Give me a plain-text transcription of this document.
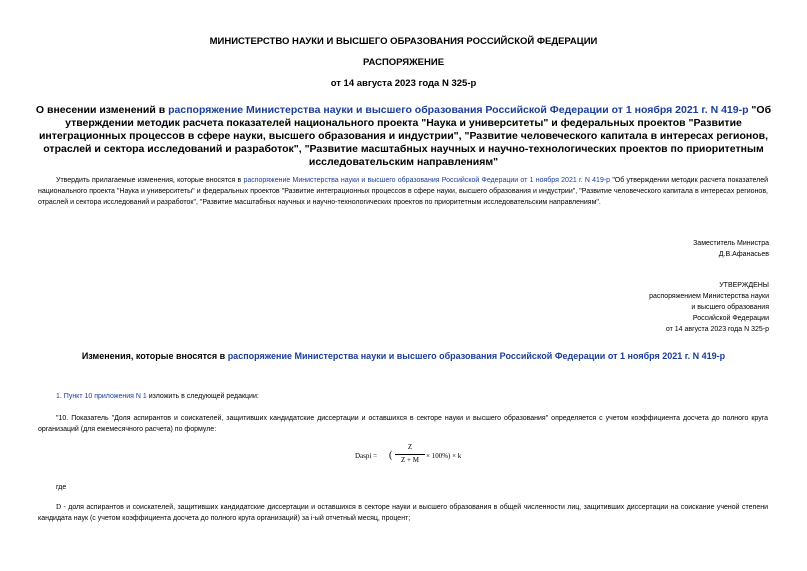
МИНИСТЕРСТВО НАУКИ И ВЫСШЕГО ОБРАЗОВАНИЯ РОССИЙСКОЙ ФЕДЕРАЦИИ
РАСПОРЯЖЕНИЕ
от 14 августа 2023 года N 325-р
О внесении изменений в распоряжение Министерства науки и высшего образования Российской Федерации от 1 ноября 2021 г. N 419-р "Об утверждении методик расчета показателей национального проекта "Наука и университеты" и федеральных проектов "Развитие интеграционных процессов в сфере науки, высшего образования и индустрии", "Развитие человеческого капитала в интересах регионов, отраслей и сектора исследований и разработок", "Развитие масштабных научных и научно-технологических проектов по приоритетным исследовательским направлениям"
Утвердить прилагаемые изменения, которые вносятся в распоряжение Министерства науки и высшего образования Российской Федерации от 1 ноября 2021 г. N 419-р "Об утверждении методик расчета показателей национального проекта "Наука и университеты" и федеральных проектов "Развитие интеграционных процессов в сфере науки, высшего образования и индустрии", "Развитие человеческого капитала в интересах регионов, отраслей и сектора исследований и разработок", "Развитие масштабных научных и научно-технологических проектов по приоритетным исследовательским направлениям".
Заместитель Министра
Д.В.Афанасьев
УТВЕРЖДЕНЫ
распоряжением Министерства науки
и высшего образования
Российской Федерации
от 14 августа 2023 года N 325-р
Изменения, которые вносятся в распоряжение Министерства науки и высшего образования Российской Федерации от 1 ноября 2021 г. N 419-р
1. Пункт 10 приложения N 1 изложить в следующей редакции:
"10. Показатель "Доля аспирантов и соискателей, защитивших кандидатские диссертации и оставшихся в секторе науки и высшего образования" определяется с учетом коэффициента досчета до полного круга организаций (для ежемесячного расчета) по формуле:
Daspi = (
Z
Z + M	× 100%) × k
где
D - доля аспирантов и соискателей, защитивших кандидатские диссертации и оставшихся в секторе науки и высшего образования в общей численности лиц, защитивших диссертации на соискание ученой степени кандидата наук (с учетом коэффициента досчета до полного круга организаций) за i-ый отчетный месяц, процент;
